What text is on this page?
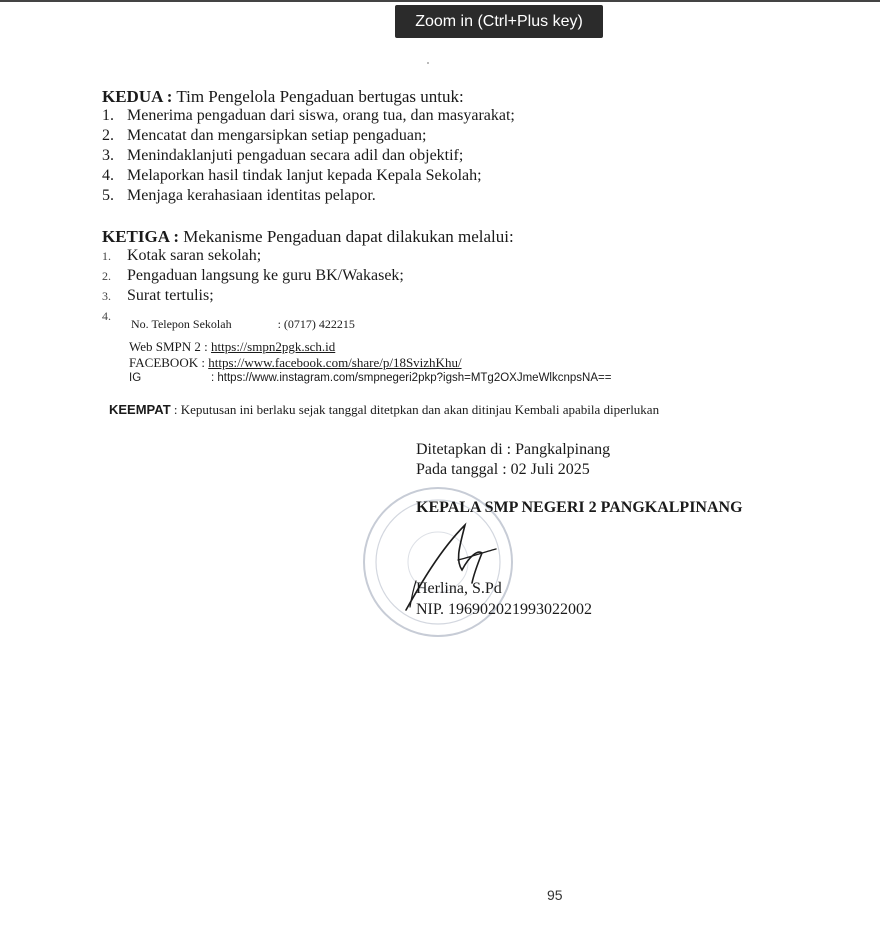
Zoom in (Ctrl+Plus key)
KEDUA : Tim Pengelola Pengaduan bertugas untuk:
1. Menerima pengaduan dari siswa, orang tua, dan masyarakat;
2. Mencatat dan mengarsipkan setiap pengaduan;
3. Menindaklanjuti pengaduan secara adil dan objektif;
4. Melaporkan hasil tindak lanjut kepada Kepala Sekolah;
5. Menjaga kerahasiaan identitas pelapor.
KETIGA : Mekanisme Pengaduan dapat dilakukan melalui:
1. Kotak saran sekolah;
2. Pengaduan langsung ke guru BK/Wakasek;
3. Surat tertulis;
4.
No. Telepon Sekolah	: (0717) 422215
Web SMPN 2 : https://smpn2pgk.sch.id
FACEBOOK : https://www.facebook.com/share/p/18SvizhKhu/
IG	: https://www.instagram.com/smpnegeri2pkp?igsh=MTg2OXJmeWlkcnpsNA==
KEEMPAT : Keputusan ini berlaku sejak tanggal ditetpkan dan akan ditinjau Kembali apabila diperlukan
Ditetapkan di : Pangkalpinang
Pada tanggal : 02 Juli 2025
KEPALA SMP NEGERI 2 PANGKALPINANG
Herlina, S.Pd
NIP. 196902021993022002
95
